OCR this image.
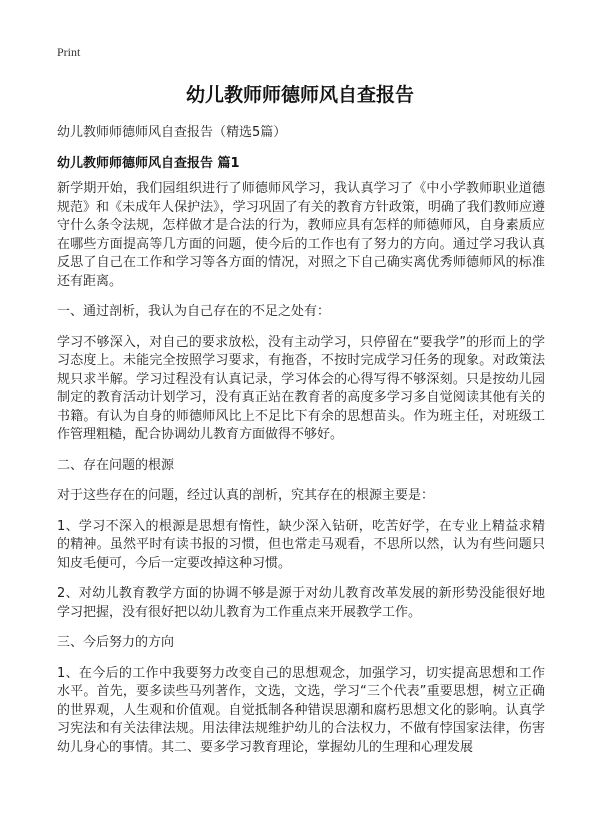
Print
幼儿教师师德师风自查报告
幼儿教师师德师风自查报告（精选5篇）
幼儿教师师德师风自查报告 篇1

新学期开始，我们园组织进行了师德师风学习，我认真学习了《中小学教师职业道德规范》和《未成年人保护法》，学习巩固了有关的教育方针政策，明确了我们教师应遵守什么条令法规，怎样做才是合法的行为，教师应具有怎样的师德师风，自身素质应在哪些方面提高等几方面的问题，使今后的工作也有了努力的方向。通过学习我认真反思了自己在工作和学习等各方面的情况，对照之下自己确实离优秀师德师风的标准还有距离。

一、通过剖析，我认为自己存在的不足之处有：

学习不够深入，对自己的要求放松，没有主动学习，只停留在“要我学”的形而上的学习态度上。未能完全按照学习要求，有拖沓，不按时完成学习任务的现象。对政策法规只求半解。学习过程没有认真记录，学习体会的心得写得不够深刻。只是按幼儿园制定的教育活动计划学习，没有真正站在教育者的高度多学习多自觉阅读其他有关的书籍。有认为自身的师德师风比上不足比下有余的思想苗头。作为班主任，对班级工作管理粗糙，配合协调幼儿教育方面做得不够好。

二、存在问题的根源

对于这些存在的问题，经过认真的剖析，究其存在的根源主要是：

1、学习不深入的根源是思想有惰性，缺少深入钻研，吃苦好学，在专业上精益求精的精神。虽然平时有读书报的习惯，但也常走马观看，不思所以然，认为有些问题只知皮毛便可，今后一定要改掉这种习惯。

2、对幼儿教育教学方面的协调不够是源于对幼儿教育改革发展的新形势没能很好地学习把握，没有很好把以幼儿教育为工作重点来开展教学工作。

三、今后努力的方向

1、在今后的工作中我要努力改变自己的思想观念，加强学习，切实提高思想和工作水平。首先，要多读些马列著作，文选，文选，学习“三个代表”重要思想，树立正确的世界观，人生观和价值观。自觉抵制各种错误思潮和腐朽思想文化的影响。认真学习宪法和有关法律法规。用法律法规维护幼儿的合法权力，不做有悖国家法律，伤害幼儿身心的事情。其二、要多学习教育理论，掌握幼儿的生理和心理发展
